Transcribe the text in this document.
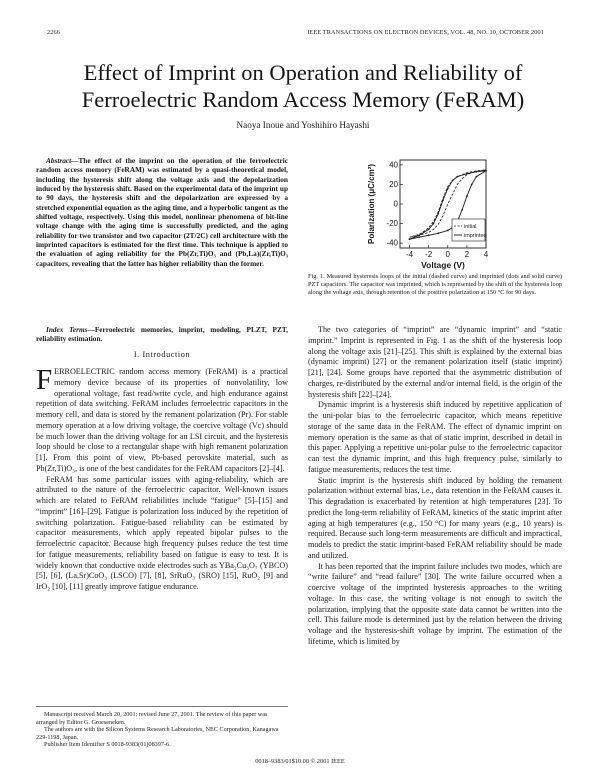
2266	IEEE TRANSACTIONS ON ELECTRON DEVICES, VOL. 48, NO. 10, OCTOBER 2001
Effect of Imprint on Operation and Reliability of Ferroelectric Random Access Memory (FeRAM)
Naoya Inoue and Yoshihiro Hayashi

Abstract—The effect of the imprint on the operation of the ferroelectric random access memory (FeRAM) was estimated by a quasi-theoretical model, including the hysteresis shift along the voltage axis and the depolarization induced by the hysteresis shift. Based on the experimental data of the imprint up to 90 days, the hysteresis shift and the depolarization are expressed by a stretched exponential equation as the aging time, and a hyperbolic tangent as the shifted voltage, respectively. Using this model, nonlinear phenomena of bit-line voltage change with the aging time is successfully predicted, and the aging reliability for two transistor and two capacitor (2T/2C) cell architecture with the imprinted capacitors is estimated for the first time. This technique is applied to the evaluation of aging reliability for the Pb(Zr,Ti)O₃ and (Pb,La)(Zr,Ti)O₃ capacitors, revealing that the latter has higher reliability than the former.

Index Terms—Ferroelectric memories, imprint, modeling, PLZT, PZT, reliability estimation.

I. Introduction

FERROELECTRIC random access memory (FeRAM) is a practical memory device because of its properties of nonvolatility, low operational voltage, fast read/write cycle, and high endurance against repetition of data switching. FeRAM includes ferroelectric capacitors in the memory cell, and data is stored by the remanent polarization (Pr). For stable memory operation at a low driving voltage, the coercive voltage (Vc) should be much lower than the driving voltage for an LSI circuit, and the hysteresis loop should be close to a rectangular shape with high remanent polarization [1]. From this point of view, Pb-based perovskite material, such as Pb(Zr,Ti)O₃, is one of the best candidates for the FeRAM capacitors [2]–[4].

FeRAM has some particular issues with aging-reliability, which are attributed to the nature of the ferroelectric capacitor. Well-known issues which are related to FeRAM reliabilities include “fatigue” [5]–[15] and “imprint” [16]–[29]. Fatigue is polarization loss induced by the repetition of switching polarization. Fatigue-based reliability can be estimated by capacitor measurements, which apply repeated bipolar pulses to the ferroelectric capacitor. Because high frequency pulses reduce the test time for fatigue measurements, reliability based on fatigue is easy to test. It is widely known that conductive oxide electrodes such as YBa₂Cu₃O₇ (YBCO) [5], [6], (La,Sr)CoO₃ (LSCO) [7], [8], SrRuO₃ (SRO) [15], RuO₂ [9] and IrO₂ [10], [11] greatly improve fatigue endurance.

Manuscript received March 20, 2001; revised June 27, 2001. The review of this paper was arranged by Editor G. Groeseneken.

The authors are with the Silicon Systems Research Laboratories, NEC Corporation, Kanagawa 229-1198, Japan.

Publisher Item Identifier S 0018-9383(01)08397-6.

40
20
0
-20
-40
-4 -2 0 2 4
initial
imprinted
Polarization (μC/cm²)
Voltage (V)

Fig. 1. Measured hysteresis loops of the initial (dashed curve) and imprinted (dots and solid curve) PZT capacitors. The capacitor was imprinted, which is represented by the shift of the hysteresis loop along the voltage axis, through retention of the positive polarization at 150 °C for 90 days.

The two categories of “imprint” are “dynamic imprint” and “static imprint.” Imprint is represented in Fig. 1 as the shift of the hysteresis loop along the voltage axis [21]–[25]. This shift is explained by the external bias (dynamic imprint) [27] or the remanent polarization itself (static imprint) [21], [24]. Some groups have reported that the asymmetric distribution of charges, re-distributed by the external and/or internal field, is the origin of the hysteresis shift [22]–[24].

Dynamic imprint is a hysteresis shift induced by repetitive application of the uni-polar bias to the ferroelectric capacitor, which means repetitive storage of the same data in the FeRAM. The effect of dynamic imprint on memory operation is the same as that of static imprint, described in detail in this paper. Applying a repetitive uni-polar pulse to the ferroelectric capacitor can test the dynamic imprint, and this high frequency pulse, similarly to fatigue measurements, reduces the test time.

Static imprint is the hysteresis shift induced by holding the remanent polarization without external bias, i.e., data retention in the FeRAM causes it. This degradation is exacerbated by retention at high temperatures [23]. To predict the long-term reliability of FeRAM, kinetics of the static imprint after aging at high temperatures (e.g., 150 °C) for many years (e.g., 10 years) is required. Because such long-term measurements are difficult and impractical, models to predict the static imprint-based FeRAM reliability should be made and utilized.

It has been reported that the imprint failure includes two modes, which are “write failure” and “read failure” [30]. The write failure occurred when a coercive voltage of the imprinted hysteresis approaches to the writing voltage. In this case, the writing voltage is not enough to switch the polarization, implying that the opposite state data cannot be written into the cell. This failure mode is determined just by the relation between the driving voltage and the hysteresis-shift voltage by imprint. The estimation of the lifetime, which is limited by

0018–9383/01$10.00 © 2001 IEEE
